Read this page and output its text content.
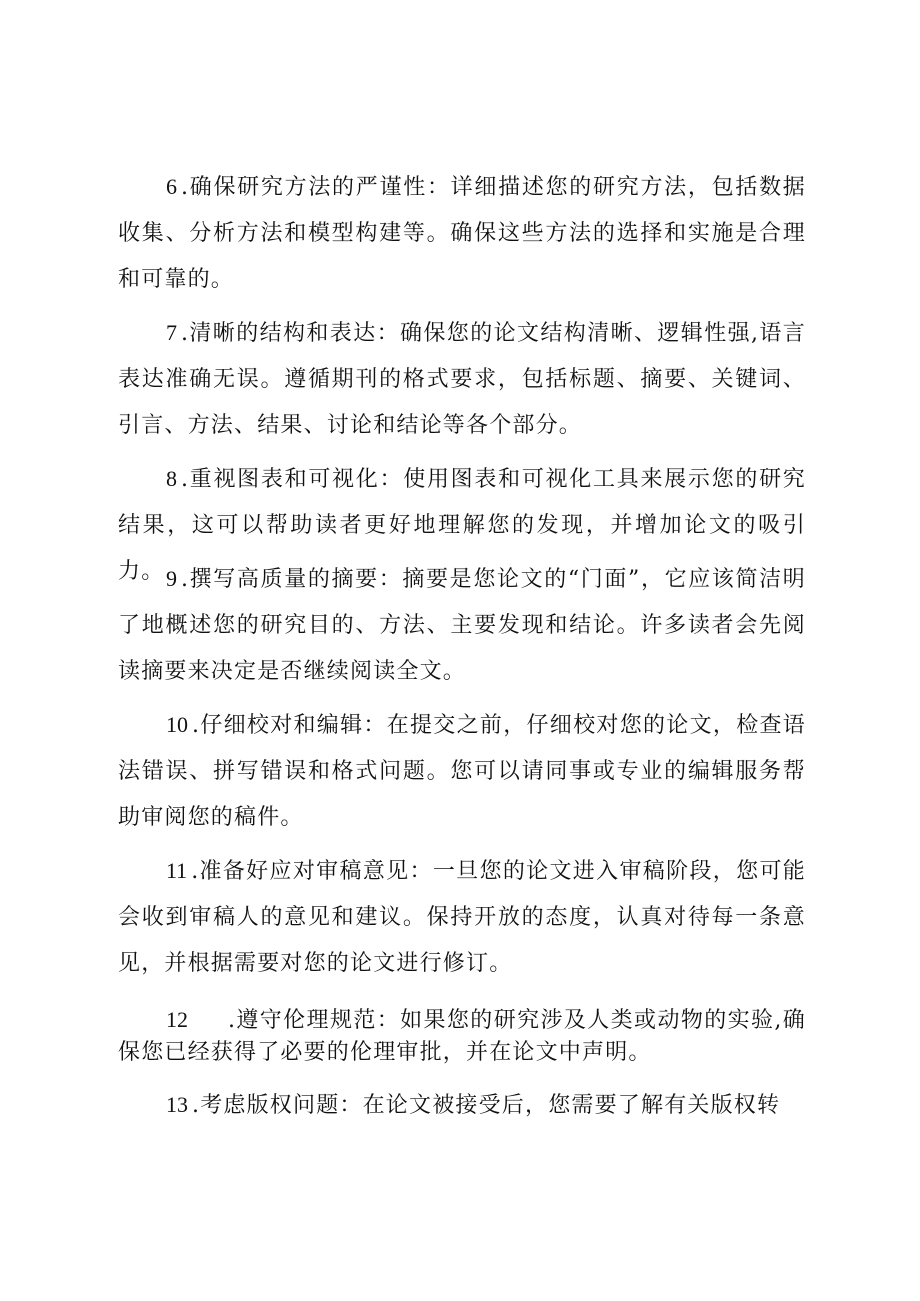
6 .确保研究方法的严谨性：详细描述您的研究方法，包括数据收集、分析方法和模型构建等。确保这些方法的选择和实施是合理和可靠的。

7 .清晰的结构和表达：确保您的论文结构清晰、逻辑性强,语言表达准确无误。遵循期刊的格式要求，包括标题、摘要、关键词、引言、方法、结果、讨论和结论等各个部分。

8 .重视图表和可视化：使用图表和可视化工具来展示您的研究结果，这可以帮助读者更好地理解您的发现，并增加论文的吸引力。 9 .撰写高质量的摘要：摘要是您论文的“门面”，它应该简洁明了地概述您的研究目的、方法、主要发现和结论。许多读者会先阅读摘要来决定是否继续阅读全文。

10 .仔细校对和编辑：在提交之前，仔细校对您的论文，检查语法错误、拼写错误和格式问题。您可以请同事或专业的编辑服务帮助审阅您的稿件。

11 .准备好应对审稿意见：一旦您的论文进入审稿阶段，您可能会收到审稿人的意见和建议。保持开放的态度，认真对待每一条意见，并根据需要对您的论文进行修订。

12 .遵守伦理规范：如果您的研究涉及人类或动物的实验,确保您已经获得了必要的伦理审批，并在论文中声明。

13 .考虑版权问题：在论文被接受后，您需要了解有关版权转
